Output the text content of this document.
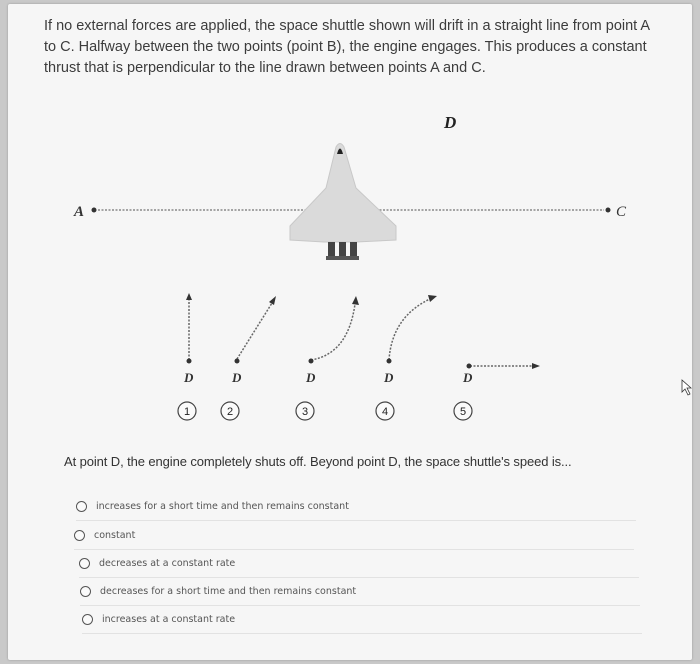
If no external forces are applied, the space shuttle shown will drift in a straight line from point A to C. Halfway between the two points (point B), the engine engages. This produces a constant thrust that is perpendicular to the line drawn between points A and C.

A	C
D
D	D	D	D	D
1	2	3	4	5
At point D, the engine completely shuts off. Beyond point D, the space shuttle's speed is...
increases for a short time and then remains constant
constant
decreases at a constant rate
decreases for a short time and then remains constant
increases at a constant rate
